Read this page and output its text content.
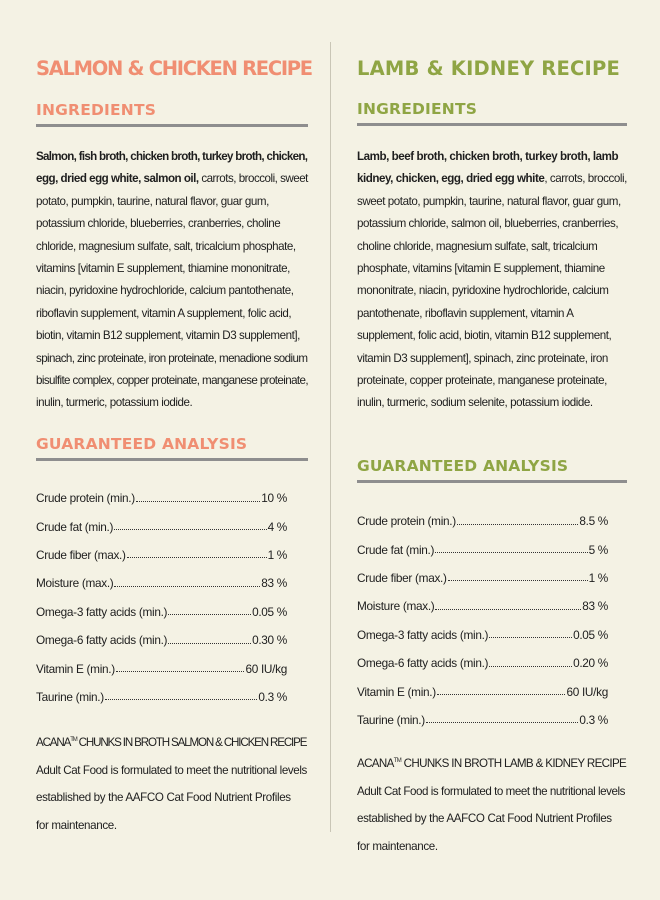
SALMON & CHICKEN RECIPE
INGREDIENTS
Salmon, fish broth, chicken broth, turkey broth, chicken,
egg, dried egg white, salmon oil, carrots, broccoli, sweet
potato, pumpkin, taurine, natural flavor, guar gum,
potassium chloride, blueberries, cranberries, choline
chloride, magnesium sulfate, salt, tricalcium phosphate,
vitamins [vitamin E supplement, thiamine mononitrate,
niacin, pyridoxine hydrochloride, calcium pantothenate,
riboflavin supplement, vitamin A supplement, folic acid,
biotin, vitamin B12 supplement, vitamin D3 supplement],
spinach, zinc proteinate, iron proteinate, menadione sodium
bisulfite complex, copper proteinate, manganese proteinate,
inulin, turmeric, potassium iodide.
GUARANTEED ANALYSIS
Crude protein (min.)	10 %
Crude fat (min.)	4 %
Crude fiber (max.)	1 %
Moisture (max.)	83 %
Omega-3 fatty acids (min.)	0.05 %
Omega-6 fatty acids (min.)	0.30 %
Vitamin E (min.)	60 IU/kg
Taurine (min.)	0.3 %
ACANA™ CHUNKS IN BROTH SALMON & CHICKEN RECIPE
Adult Cat Food is formulated to meet the nutritional levels
established by the AAFCO Cat Food Nutrient Profiles
for maintenance.
LAMB & KIDNEY RECIPE
INGREDIENTS
Lamb, beef broth, chicken broth, turkey broth, lamb
kidney, chicken, egg, dried egg white, carrots, broccoli,
sweet potato, pumpkin, taurine, natural flavor, guar gum,
potassium chloride, salmon oil, blueberries, cranberries,
choline chloride, magnesium sulfate, salt, tricalcium
phosphate, vitamins [vitamin E supplement, thiamine
mononitrate, niacin, pyridoxine hydrochloride, calcium
pantothenate, riboflavin supplement, vitamin A
supplement, folic acid, biotin, vitamin B12 supplement,
vitamin D3 supplement], spinach, zinc proteinate, iron
proteinate, copper proteinate, manganese proteinate,
inulin, turmeric, sodium selenite, potassium iodide.
GUARANTEED ANALYSIS
Crude protein (min.)	8.5 %
Crude fat (min.)	5 %
Crude fiber (max.)	1 %
Moisture (max.)	83 %
Omega-3 fatty acids (min.)	0.05 %
Omega-6 fatty acids (min.)	0.20 %
Vitamin E (min.)	60 IU/kg
Taurine (min.)	0.3 %
ACANA™ CHUNKS IN BROTH LAMB & KIDNEY RECIPE
Adult Cat Food is formulated to meet the nutritional levels
established by the AAFCO Cat Food Nutrient Profiles
for maintenance.
